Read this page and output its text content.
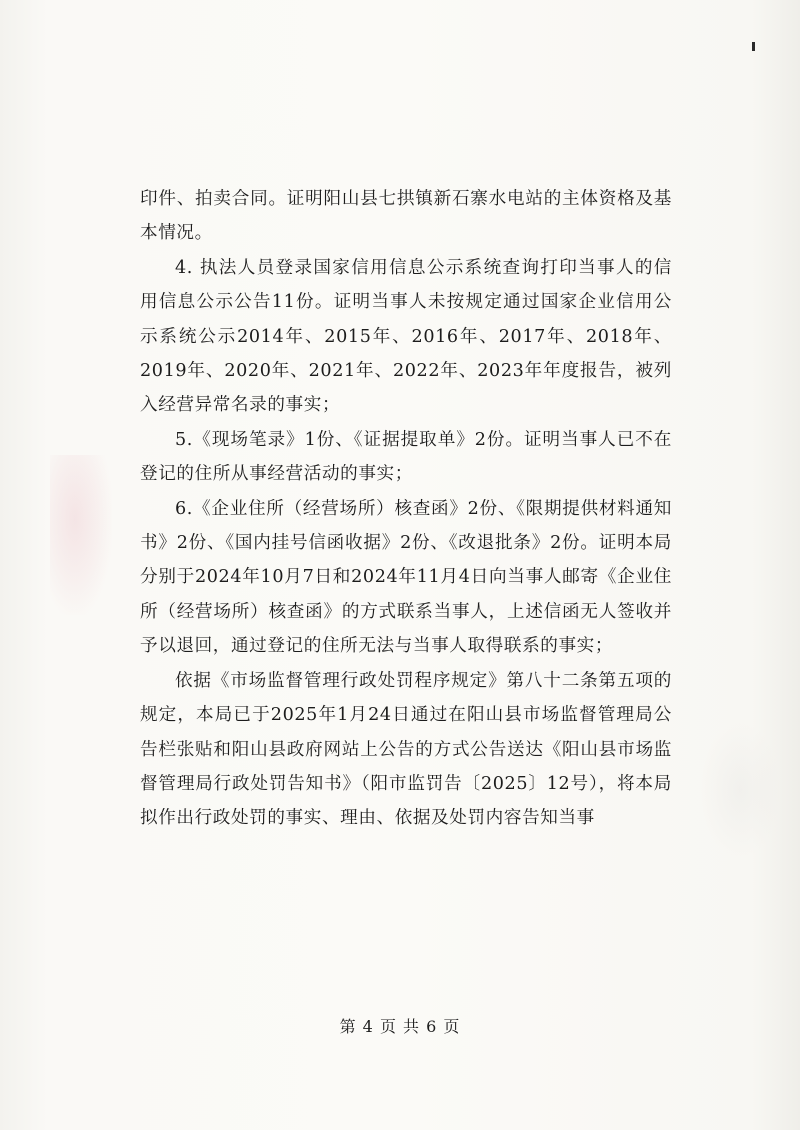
印件、拍卖合同。证明阳山县七拱镇新石寨水电站的主体资格及基本情况。

4. 执法人员登录国家信用信息公示系统查询打印当事人的信用信息公示公告11份。证明当事人未按规定通过国家企业信用公示系统公示2014年、2015年、2016年、2017年、2018年、2019年、2020年、2021年、2022年、2023年年度报告，被列入经营异常名录的事实；

5.《现场笔录》1份、《证据提取单》2份。证明当事人已不在登记的住所从事经营活动的事实；

6.《企业住所（经营场所）核查函》2份、《限期提供材料通知书》2份、《国内挂号信函收据》2份、《改退批条》2份。证明本局分别于2024年10月7日和2024年11月4日向当事人邮寄《企业住所（经营场所）核查函》的方式联系当事人，上述信函无人签收并予以退回，通过登记的住所无法与当事人取得联系的事实；

依据《市场监督管理行政处罚程序规定》第八十二条第五项的规定，本局已于2025年1月24日通过在阳山县市场监督管理局公告栏张贴和阳山县政府网站上公告的方式公告送达《阳山县市场监督管理局行政处罚告知书》（阳市监罚告〔2025〕12号），将本局拟作出行政处罚的事实、理由、依据及处罚内容告知当事

第 4 页 共 6 页
